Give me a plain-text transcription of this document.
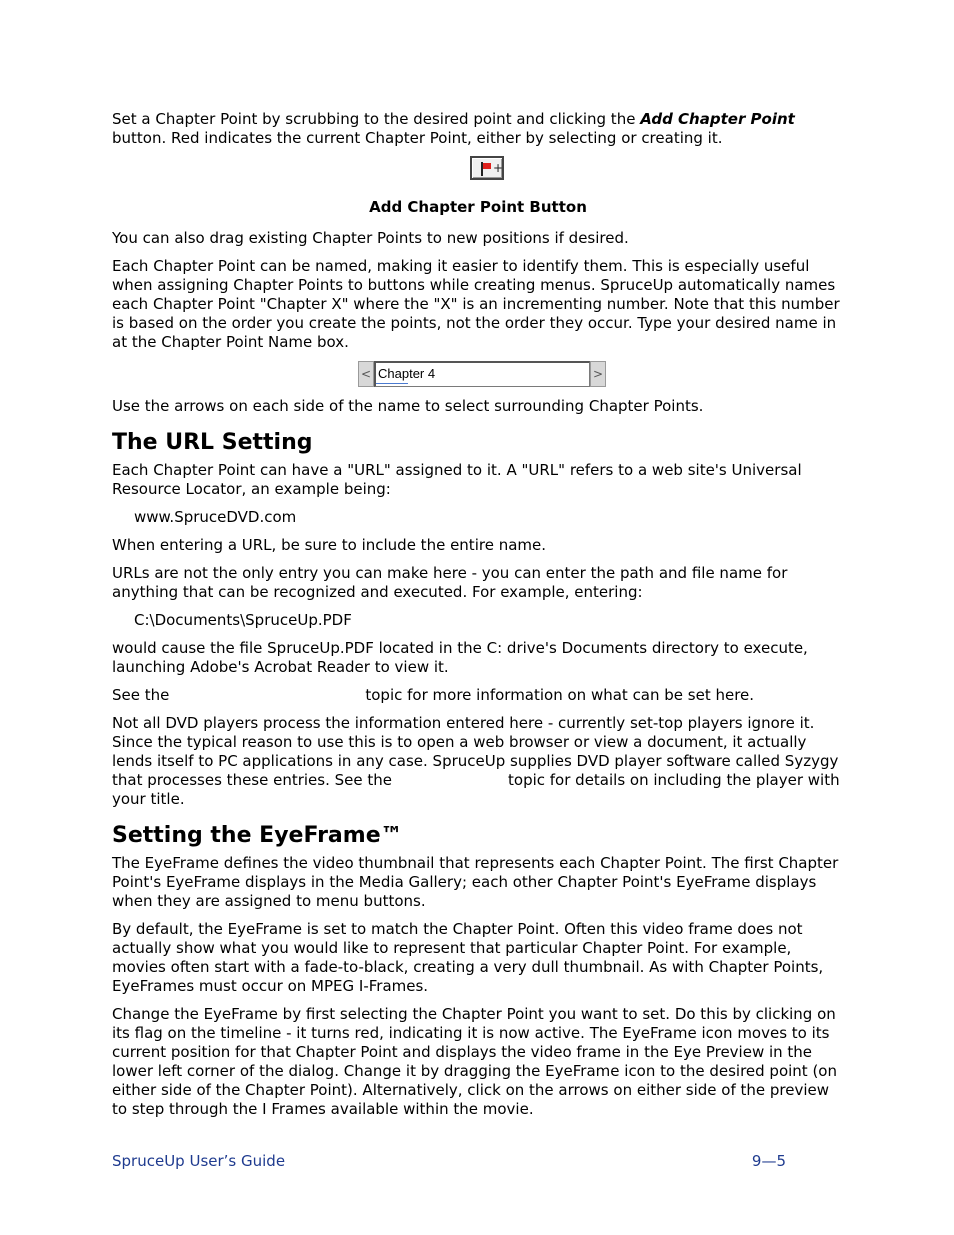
Set a Chapter Point by scrubbing to the desired point and clicking the Add Chapter Point button. Red indicates the current Chapter Point, either by selecting or creating it.

+
Add Chapter Point Button

You can also drag existing Chapter Points to new positions if desired.

Each Chapter Point can be named, making it easier to identify them. This is especially useful when assigning Chapter Points to buttons while creating menus. SpruceUp automatically names each Chapter Point "Chapter X" where the "X" is an incrementing number. Note that this number is based on the order you create the points, not the order they occur. Type your desired name in at the Chapter Point Name box.

< Chapter 4	>

Use the arrows on each side of the name to select surrounding Chapter Points.

The URL Setting

Each Chapter Point can have a "URL" assigned to it. A "URL" refers to a web site's Universal Resource Locator, an example being:

www.SpruceDVD.com

When entering a URL, be sure to include the entire name.

URLs are not the only entry you can make here - you can enter the path and file name for anything that can be recognized and executed. For example, entering:

C:\Documents\SpruceUp.PDF

would cause the file SpruceUp.PDF located in the C: drive's Documents directory to execute, launching Adobe's Acrobat Reader to view it.

See the	topic for more information on what can be set here.

Not all DVD players process the information entered here - currently set-top players ignore it. Since the typical reason to use this is to open a web browser or view a document, it actually lends itself to PC applications in any case. SpruceUp supplies DVD player software called Syzygy that processes these entries. See the	topic for details on including the player with your title.

Setting the EyeFrame™

The EyeFrame defines the video thumbnail that represents each Chapter Point. The first Chapter Point's EyeFrame displays in the Media Gallery; each other Chapter Point's EyeFrame displays when they are assigned to menu buttons.

By default, the EyeFrame is set to match the Chapter Point. Often this video frame does not actually show what you would like to represent that particular Chapter Point. For example, movies often start with a fade-to-black, creating a very dull thumbnail. As with Chapter Points, EyeFrames must occur on MPEG I-Frames.

Change the EyeFrame by first selecting the Chapter Point you want to set. Do this by clicking on its flag on the timeline - it turns red, indicating it is now active. The EyeFrame icon moves to its current position for that Chapter Point and displays the video frame in the Eye Preview in the lower left corner of the dialog. Change it by dragging the EyeFrame icon to the desired point (on either side of the Chapter Point). Alternatively, click on the arrows on either side of the preview to step through the I Frames available within the movie.

SpruceUp User’s Guide	9—5
